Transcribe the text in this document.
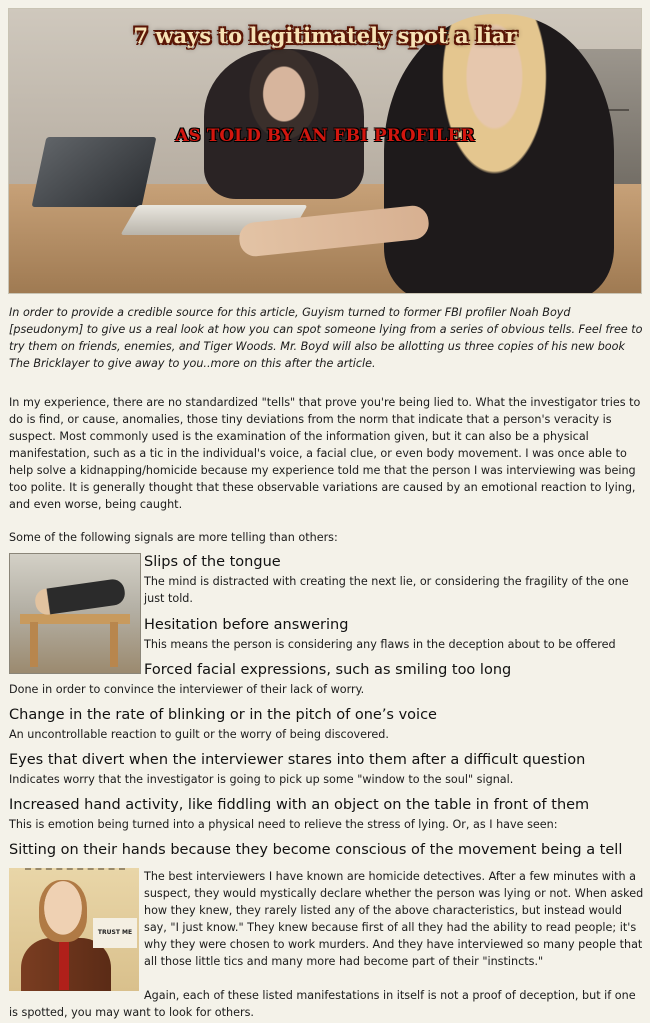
7 ways to legitimately spot a liar
AS TOLD BY AN FBI PROFILER
In order to provide a credible source for this article, Guyism turned to former FBI profiler Noah Boyd [pseudonym] to give us a real look at how you can spot someone lying from a series of obvious tells. Feel free to try them on friends, enemies, and Tiger Woods. Mr. Boyd will also be allotting us three copies of his new book The Bricklayer to give away to you..more on this after the article.
In my experience, there are no standardized "tells" that prove you're being lied to. What the investigator tries to do is find, or cause, anomalies, those tiny deviations from the norm that indicate that a person's veracity is suspect. Most commonly used is the examination of the information given, but it can also be a physical manifestation, such as a tic in the individual's voice, a facial clue, or even body movement. I was once able to help solve a kidnapping/homicide because my experience told me that the person I was interviewing was being too polite. It is generally thought that these observable variations are caused by an emotional reaction to lying, and even worse, being caught.
Some of the following signals are more telling than others:
Slips of the tongue
The mind is distracted with creating the next lie, or considering the fragility of the one just told.
Hesitation before answering
This means the person is considering any flaws in the deception about to be offered
Forced facial expressions, such as smiling too long
Done in order to convince the interviewer of their lack of worry.
Change in the rate of blinking or in the pitch of one’s voice
An uncontrollable reaction to guilt or the worry of being discovered.
Eyes that divert when the interviewer stares into them after a difficult question
Indicates worry that the investigator is going to pick up some "window to the soul" signal.
Increased hand activity, like fiddling with an object on the table in front of them
This is emotion being turned into a physical need to relieve the stress of lying. Or, as I have seen:
Sitting on their hands because they become conscious of the movement being a tell
TRUST ME
The best interviewers I have known are homicide detectives. After a few minutes with a suspect, they would mystically declare whether the person was lying or not. When asked how they knew, they rarely listed any of the above characteristics, but instead would say, "I just know." They knew because first of all they had the ability to read people; it's why they were chosen to work murders. And they have interviewed so many people that all those little tics and many more had become part of their "instincts."
Again, each of these listed manifestations in itself is not a proof of deception, but if one is spotted, you may want to look for others.
